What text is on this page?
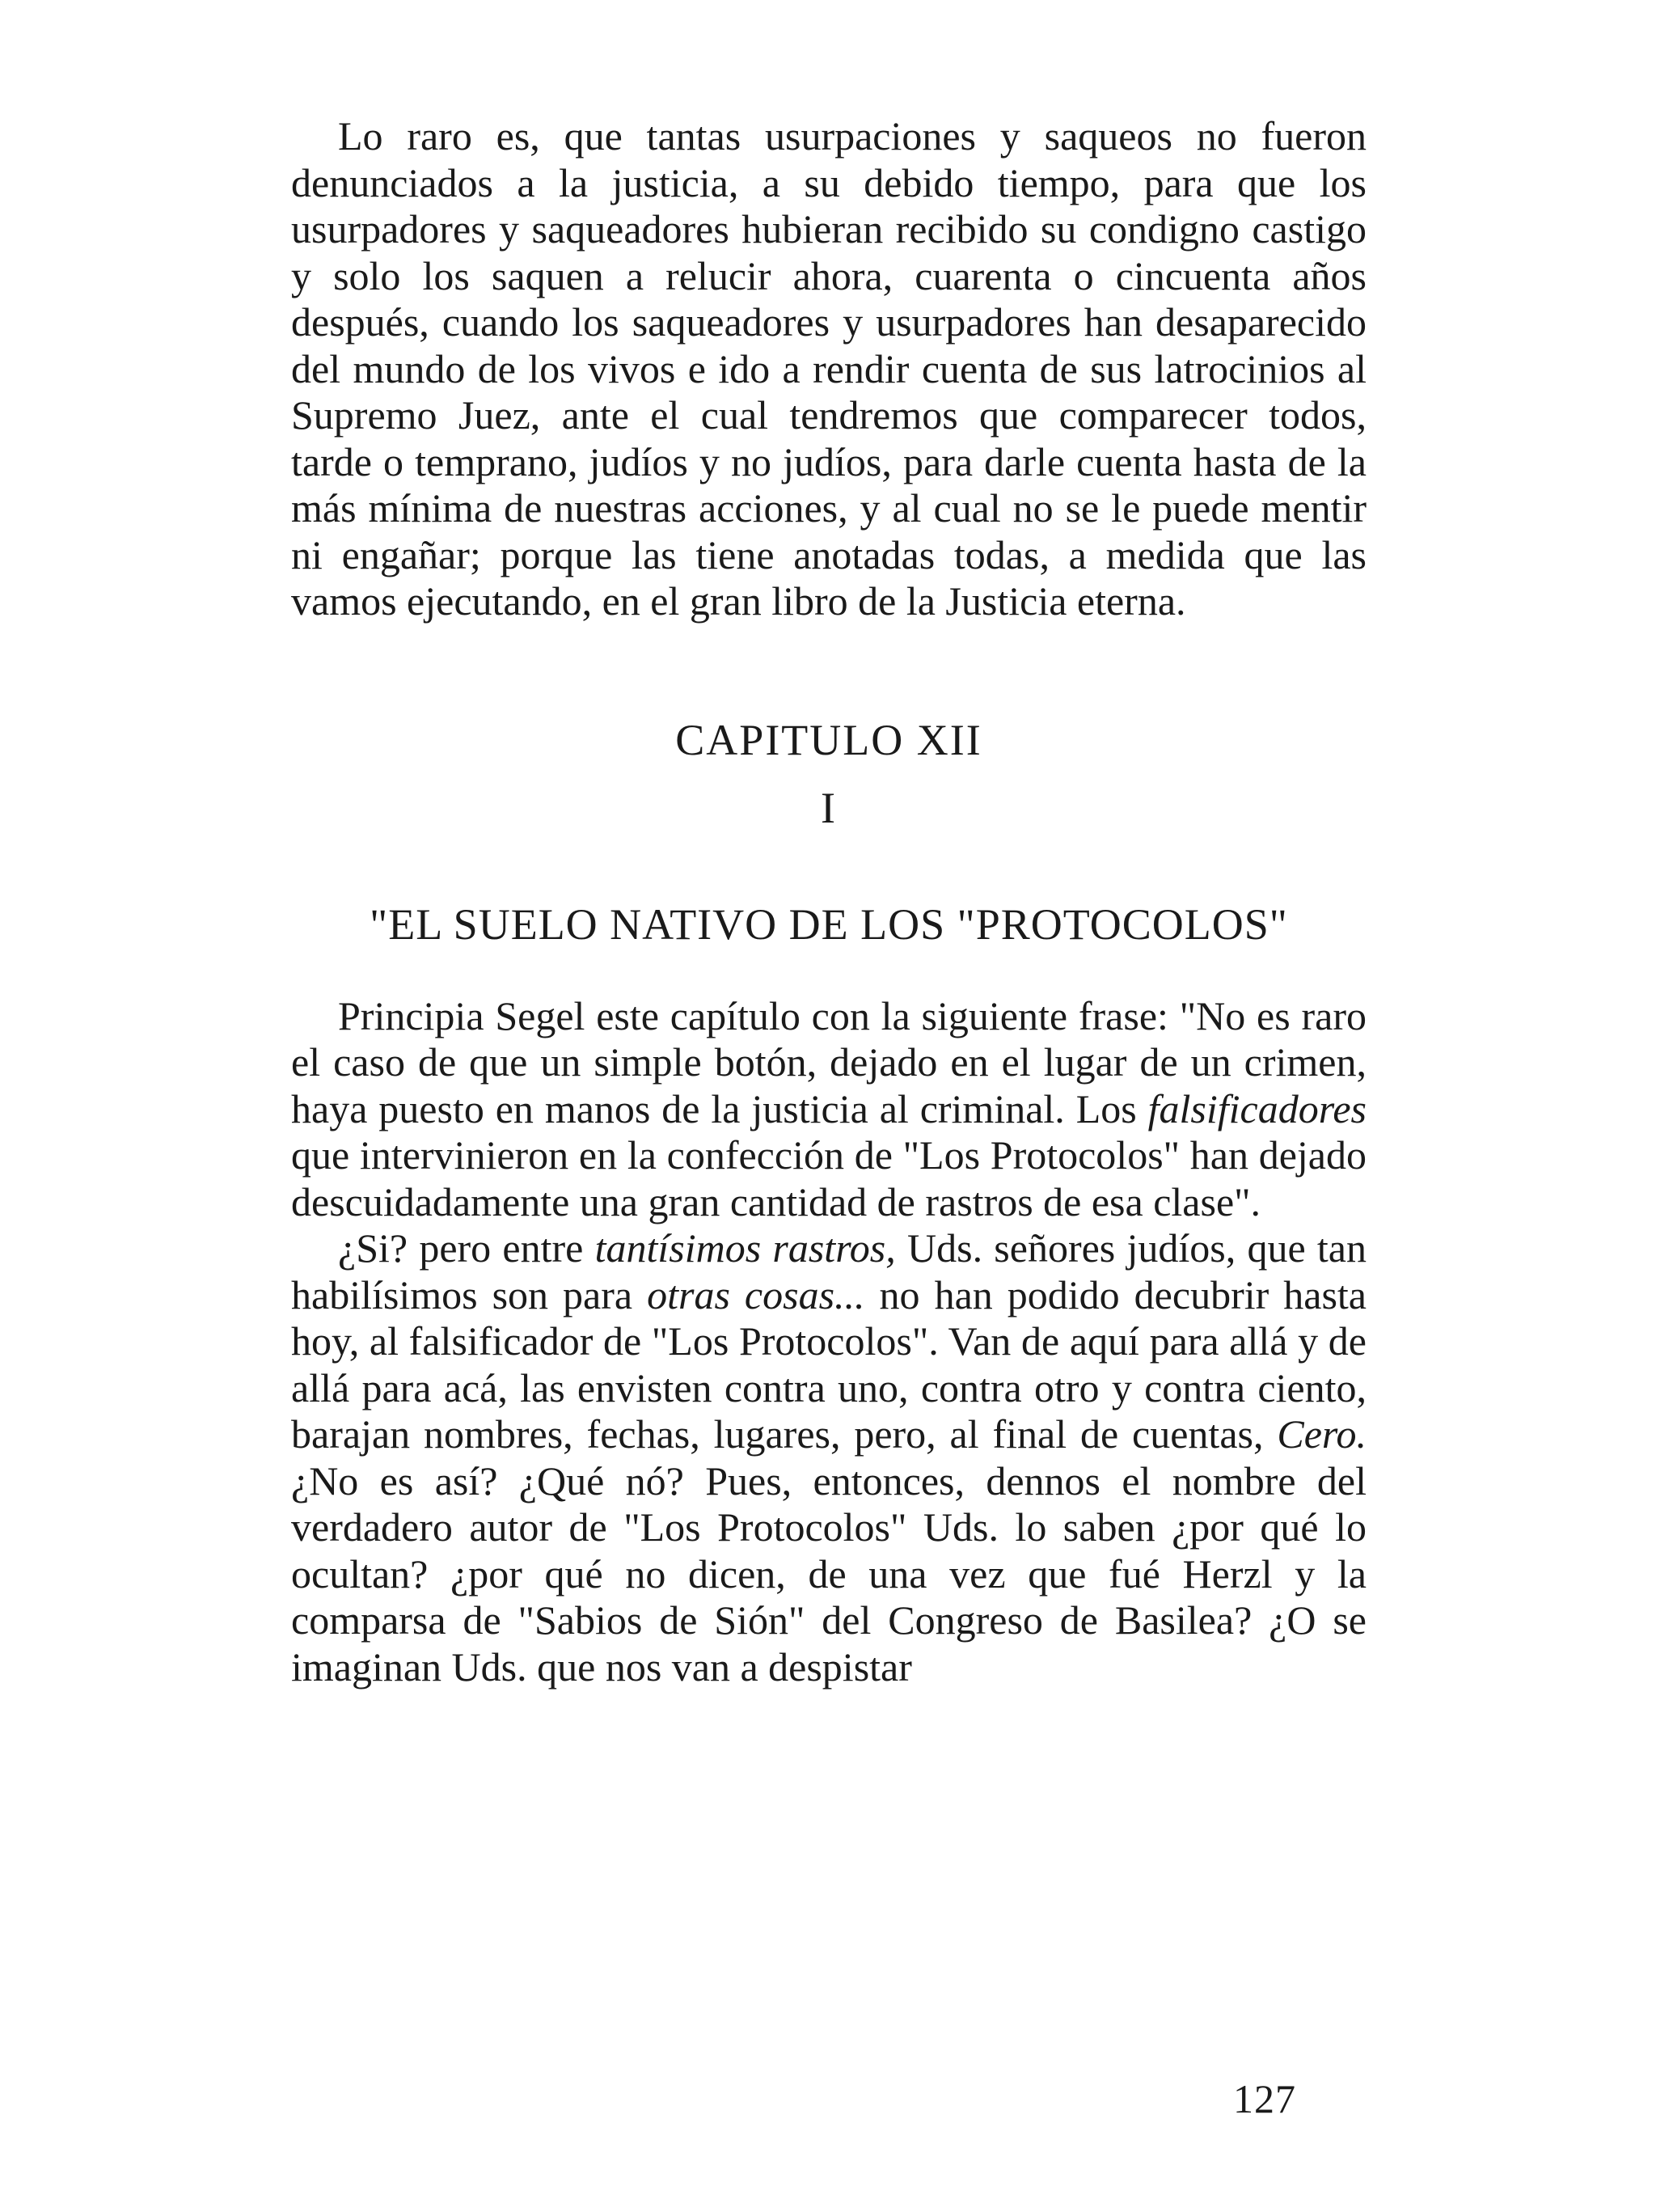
Lo raro es, que tantas usurpaciones y saqueos no fueron denunciados a la justicia, a su debido tiempo, para que los usurpadores y saqueadores hubieran recibido su condigno castigo y solo los saquen a relucir ahora, cuarenta o cincuenta años después, cuando los saqueadores y usurpadores han desaparecido del mundo de los vivos e ido a rendir cuenta de sus latrocinios al Supremo Juez, ante el cual tendremos que comparecer todos, tarde o temprano, judíos y no judíos, para darle cuenta hasta de la más mínima de nuestras acciones, y al cual no se le puede mentir ni engañar; porque las tiene anotadas todas, a medida que las vamos ejecutando, en el gran libro de la Justicia eterna.

CAPITULO XII

I

"EL SUELO NATIVO DE LOS "PROTOCOLOS"

Principia Segel este capítulo con la siguiente frase: "No es raro el caso de que un simple botón, dejado en el lugar de un crimen, haya puesto en manos de la justicia al criminal. Los falsificadores que intervinieron en la confección de "Los Protocolos" han dejado descuidadamente una gran cantidad de rastros de esa clase".

¿Si? pero entre tantísimos rastros, Uds. señores judíos, que tan habilísimos son para otras cosas... no han podido decubrir hasta hoy, al falsificador de "Los Protocolos". Van de aquí para allá y de allá para acá, las envisten contra uno, contra otro y contra ciento, barajan nombres, fechas, lugares, pero, al final de cuentas, Cero. ¿No es así? ¿Qué nó? Pues, entonces, dennos el nombre del verdadero autor de "Los Protocolos" Uds. lo saben ¿por qué lo ocultan? ¿por qué no dicen, de una vez que fué Herzl y la comparsa de "Sabios de Sión" del Congreso de Basilea? ¿O se imaginan Uds. que nos van a despistar

127
